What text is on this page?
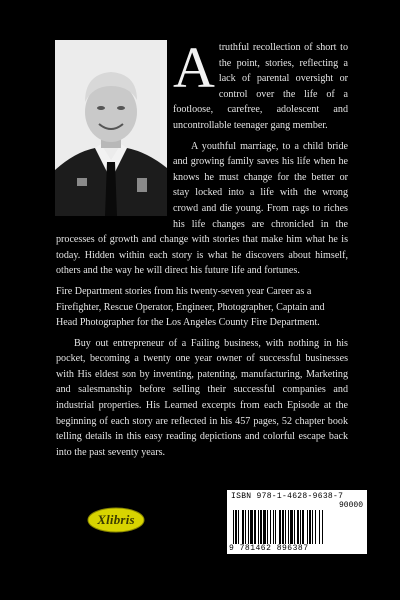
Atruthful recollection of short to the point, stories, reflecting a lack of parental oversight or control over the life of a footloose, carefree, adolescent and uncontrollable teenager gang member.

A youthful marriage, to a child bride and growing family saves his life when he knows he must change for the better or stay locked into a life with the wrong crowd and die young. From rags to riches his life changes are chronicled in the processes of growth and change with stories that make him what he is today. Hidden within each story is what he discovers about himself, others and the way he will direct his future life and fortunes.

Fire Department stories from his twenty-seven year Career as a Firefighter, Rescue Operator, Engineer, Photographer, Captain and Head Photographer for the Los Angeles County Fire Department.

Buy out entrepreneur of a Failing business, with nothing in his pocket, becoming a twenty one year owner of successful businesses with His eldest son by inventing, patenting, manufacturing, Marketing and salesmanship before selling their successful companies and industrial properties. His Learned excerpts from each Episode at the beginning of each story are reflected in his 457 pages, 52 chapter book telling details in this easy reading depictions and colorful escape back into the past seventy years.

Xlibris
ISBN 978-1-4628-9638-7
90000
9 781462 896387
